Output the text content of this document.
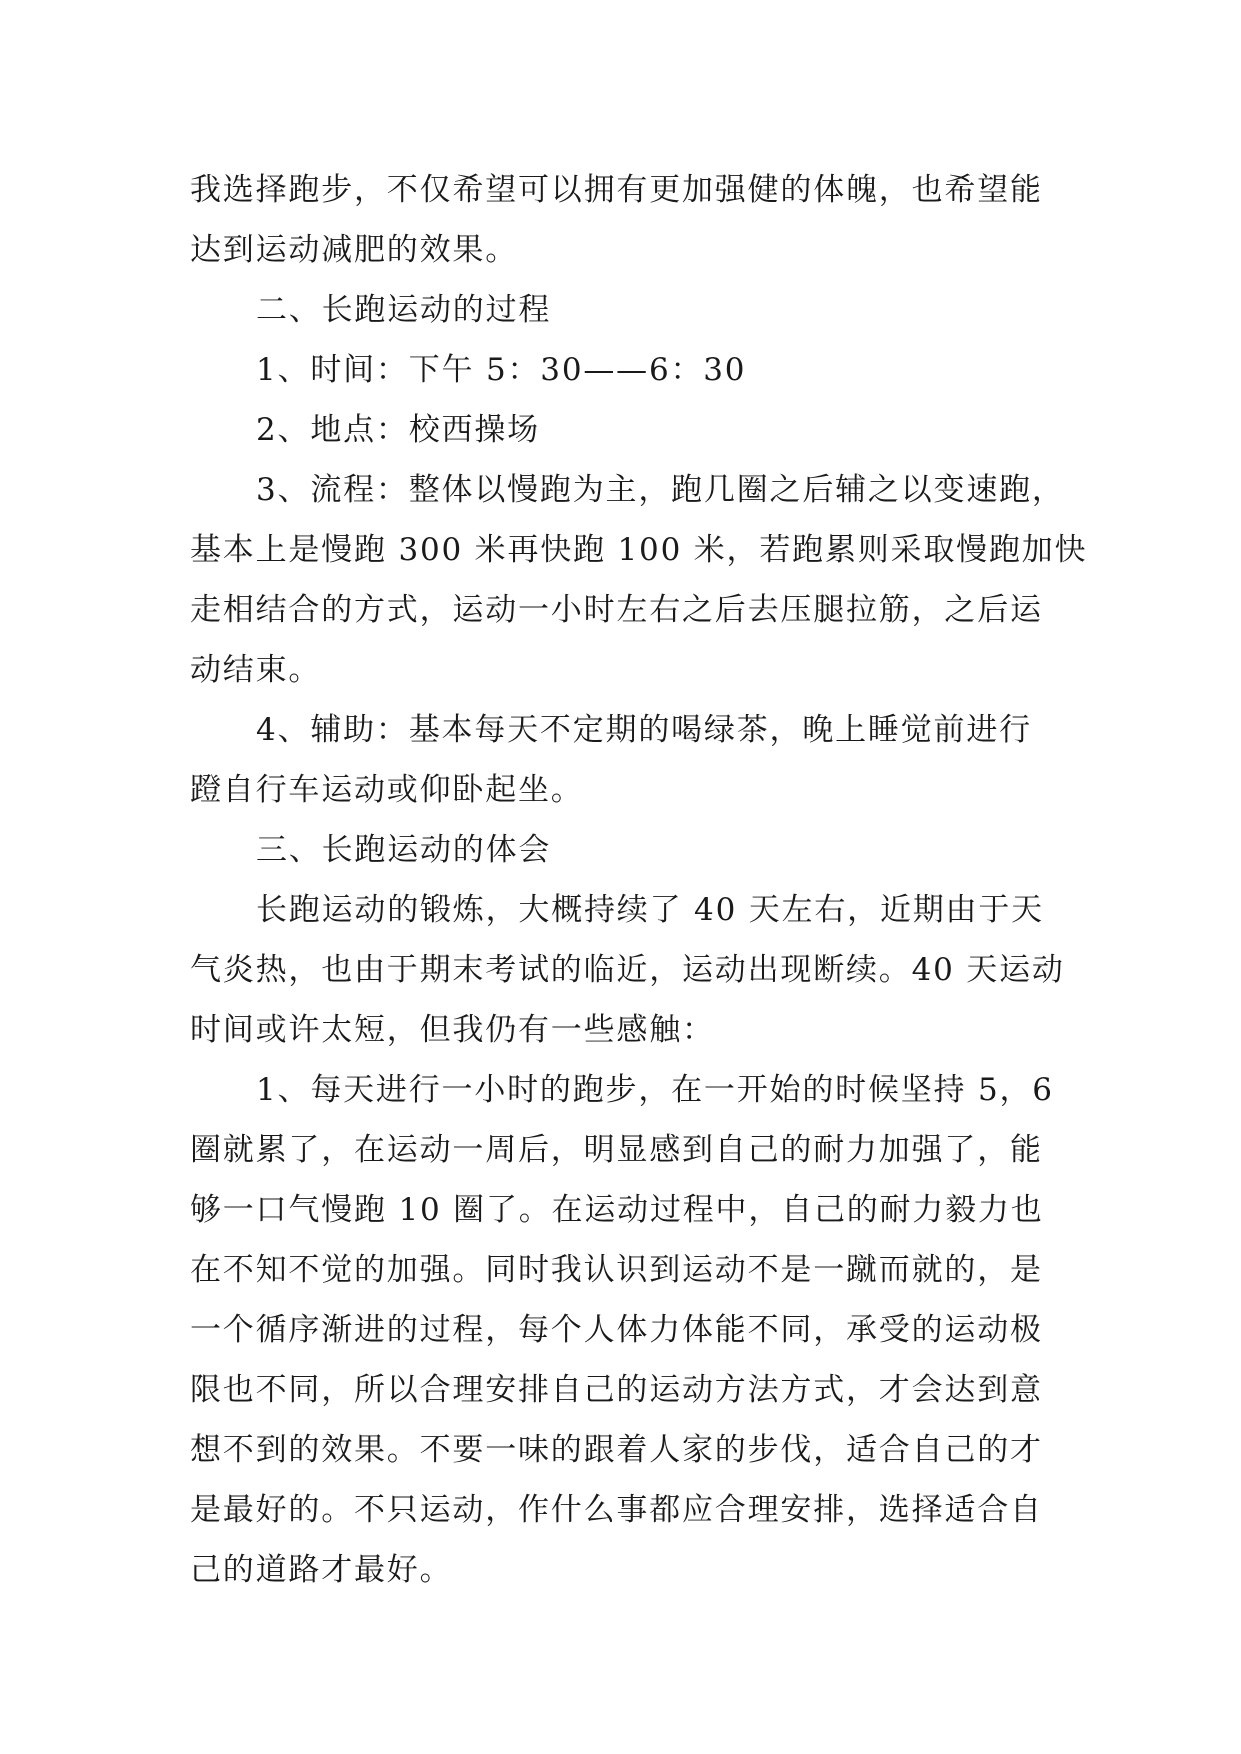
我选择跑步，不仅希望可以拥有更加强健的体魄，也希望能
达到运动减肥的效果。
二、长跑运动的过程
1、时间：下午 5：30——6：30
2、地点：校西操场
3、流程：整体以慢跑为主，跑几圈之后辅之以变速跑，
基本上是慢跑 300 米再快跑 100 米，若跑累则采取慢跑加快
走相结合的方式，运动一小时左右之后去压腿拉筋，之后运
动结束。
4、辅助：基本每天不定期的喝绿茶，晚上睡觉前进行
蹬自行车运动或仰卧起坐。
三、长跑运动的体会
长跑运动的锻炼，大概持续了 40 天左右，近期由于天
气炎热，也由于期末考试的临近，运动出现断续。40 天运动
时间或许太短，但我仍有一些感触：
1、每天进行一小时的跑步，在一开始的时候坚持 5，6
圈就累了，在运动一周后，明显感到自己的耐力加强了，能
够一口气慢跑 10 圈了。在运动过程中，自己的耐力毅力也
在不知不觉的加强。同时我认识到运动不是一蹴而就的，是
一个循序渐进的过程，每个人体力体能不同，承受的运动极
限也不同，所以合理安排自己的运动方法方式，才会达到意
想不到的效果。不要一味的跟着人家的步伐，适合自己的才
是最好的。不只运动，作什么事都应合理安排，选择适合自
己的道路才最好。
